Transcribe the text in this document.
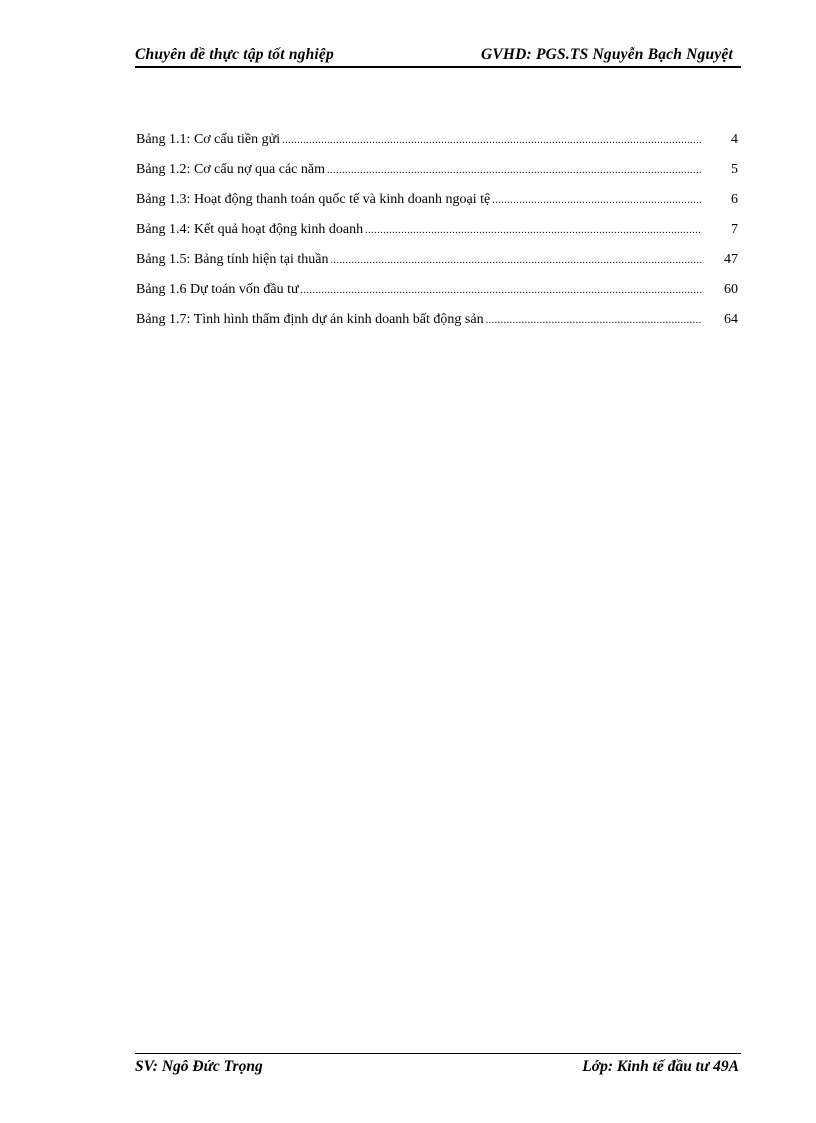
Chuyên đề thực tập tốt nghiệp	GVHD: PGS.TS Nguyễn Bạch Nguyệt
Bảng 1.1: Cơ cấu tiền gửi .....	4
Bảng 1.2: Cơ cấu nợ qua các năm .....	5
Bảng 1.3: Hoạt động thanh toán quốc tế và kinh doanh ngoại tệ .....	6
Bảng 1.4: Kết quả hoạt động kinh doanh .....	7
Bảng 1.5: Bảng tính hiện tại thuần .....	47
Bảng 1.6 Dự toán vốn đầu tư .....	60
Bảng 1.7: Tình hình thẩm định dự án kinh doanh bất động sản .....	64
SV: Ngô Đức Trọng	Lớp: Kinh tế đầu tư 49A
